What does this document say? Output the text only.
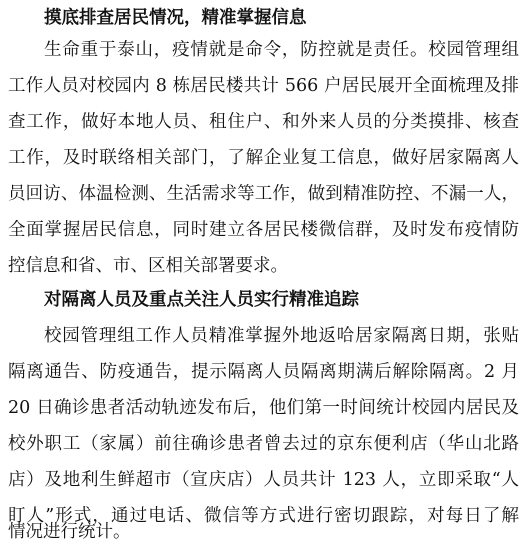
摸底排查居民情况，精准掌握信息
生命重于泰山，疫情就是命令，防控就是责任。校园管理组
工作人员对校园内 8 栋居民楼共计 566 户居民展开全面梳理及排
查工作，做好本地人员、租住户、和外来人员的分类摸排、核查
工作，及时联络相关部门，了解企业复工信息，做好居家隔离人
员回访、体温检测、生活需求等工作，做到精准防控、不漏一人，
全面掌握居民信息，同时建立各居民楼微信群，及时发布疫情防
控信息和省、市、区相关部署要求。
对隔离人员及重点关注人员实行精准追踪
校园管理组工作人员精准掌握外地返哈居家隔离日期，张贴
隔离通告、防疫通告，提示隔离人员隔离期满后解除隔离。2 月
20 日确诊患者活动轨迹发布后，他们第一时间统计校园内居民及
校外职工（家属）前往确诊患者曾去过的京东便利店（华山北路
店）及地利生鲜超市（宣庆店）人员共计 123 人，立即采取“人
盯人”形式，通过电话、微信等方式进行密切跟踪，对每日了解
情况进行统计。
